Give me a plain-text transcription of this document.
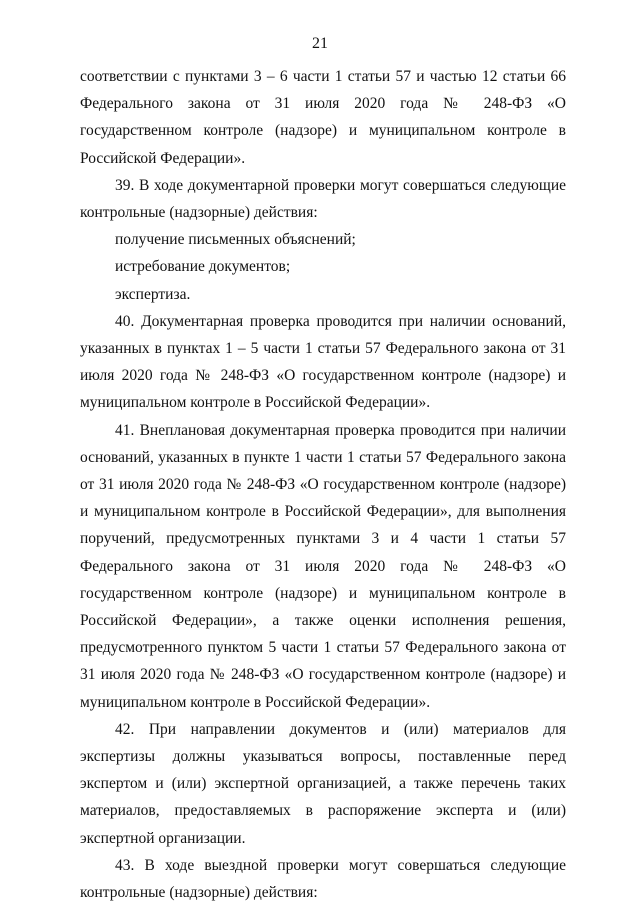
21

соответствии с пунктами 3 – 6 части 1 статьи 57 и частью 12 статьи 66 Федерального закона от 31 июля 2020 года № 248-ФЗ «О государственном контроле (надзоре) и муниципальном контроле в Российской Федерации».

39. В ходе документарной проверки могут совершаться следующие контрольные (надзорные) действия:

получение письменных объяснений;

истребование документов;

экспертиза.

40. Документарная проверка проводится при наличии оснований, указанных в пунктах 1 – 5 части 1 статьи 57 Федерального закона от 31 июля 2020 года № 248-ФЗ «О государственном контроле (надзоре) и муниципальном контроле в Российской Федерации».

41. Внеплановая документарная проверка проводится при наличии оснований, указанных в пункте 1 части 1 статьи 57 Федерального закона от 31 июля 2020 года № 248-ФЗ «О государственном контроле (надзоре) и муниципальном контроле в Российской Федерации», для выполнения поручений, предусмотренных пунктами 3 и 4 части 1 статьи 57 Федерального закона от 31 июля 2020 года № 248-ФЗ «О государственном контроле (надзоре) и муниципальном контроле в Российской Федерации», а также оценки исполнения решения, предусмотренного пунктом 5 части 1 статьи 57 Федерального закона от 31 июля 2020 года № 248-ФЗ «О государственном контроле (надзоре) и муниципальном контроле в Российской Федерации».

42. При направлении документов и (или) материалов для экспертизы должны указываться вопросы, поставленные перед экспертом и (или) экспертной организацией, а также перечень таких материалов, предоставляемых в распоряжение эксперта и (или) экспертной организации.

43. В ходе выездной проверки могут совершаться следующие контрольные (надзорные) действия:
